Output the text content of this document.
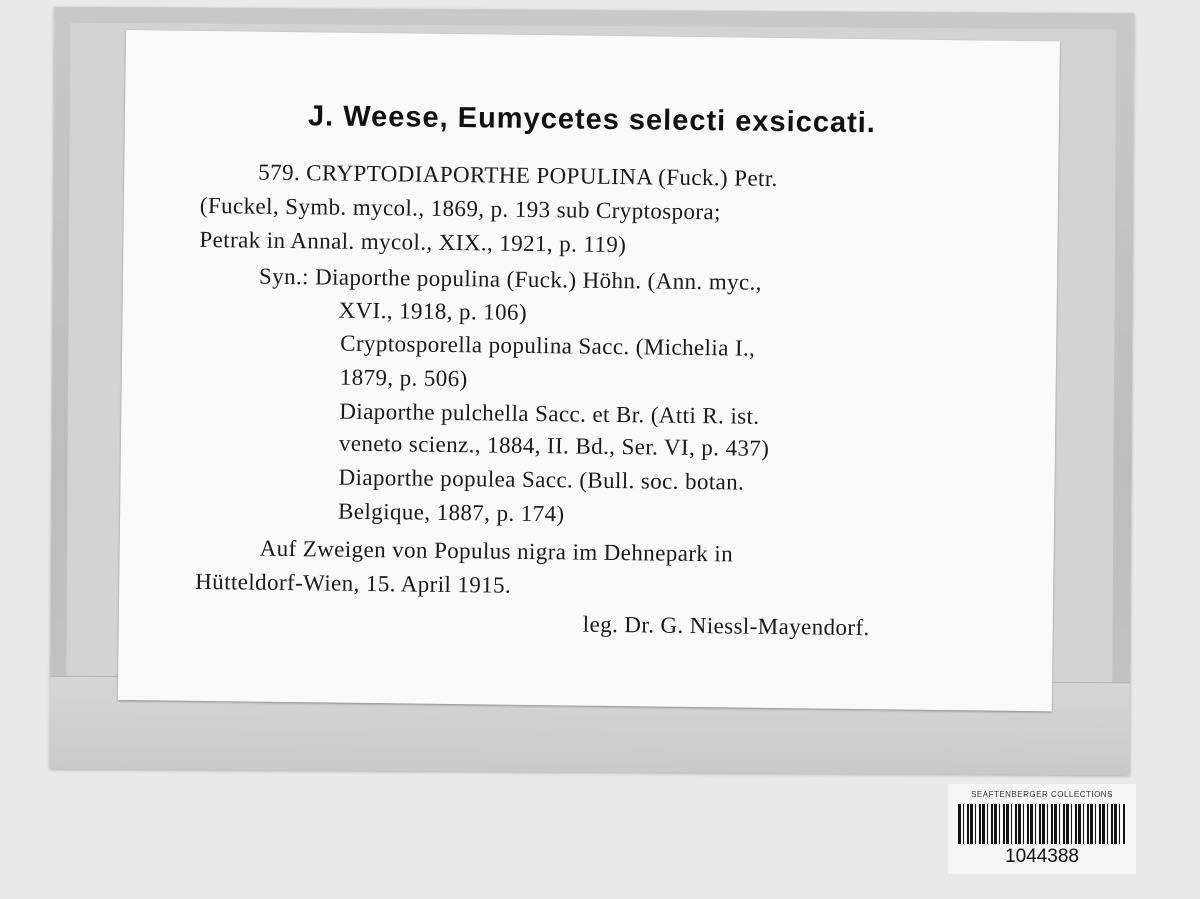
J. Weese, Eumycetes selecti exsiccati.
579. CRYPTODIAPORTHE POPULINA (Fuck.) Petr.
(Fuckel, Symb. mycol., 1869, p. 193 sub Cryptospora;
Petrak in Annal. mycol., XIX., 1921, p. 119)
Syn.: Diaporthe populina (Fuck.) Höhn. (Ann. myc.,
XVI., 1918, p. 106)
Cryptosporella populina Sacc. (Michelia I.,
1879, p. 506)
Diaporthe pulchella Sacc. et Br. (Atti R. ist.
veneto scienz., 1884, II. Bd., Ser. VI, p. 437)
Diaporthe populea Sacc. (Bull. soc. botan.
Belgique, 1887, p. 174)
Auf Zweigen von Populus nigra im Dehnepark in
Hütteldorf-Wien, 15. April 1915.
leg. Dr. G. Niessl-Mayendorf.
SEAFTENBERGER COLLECTIONS
1044388
